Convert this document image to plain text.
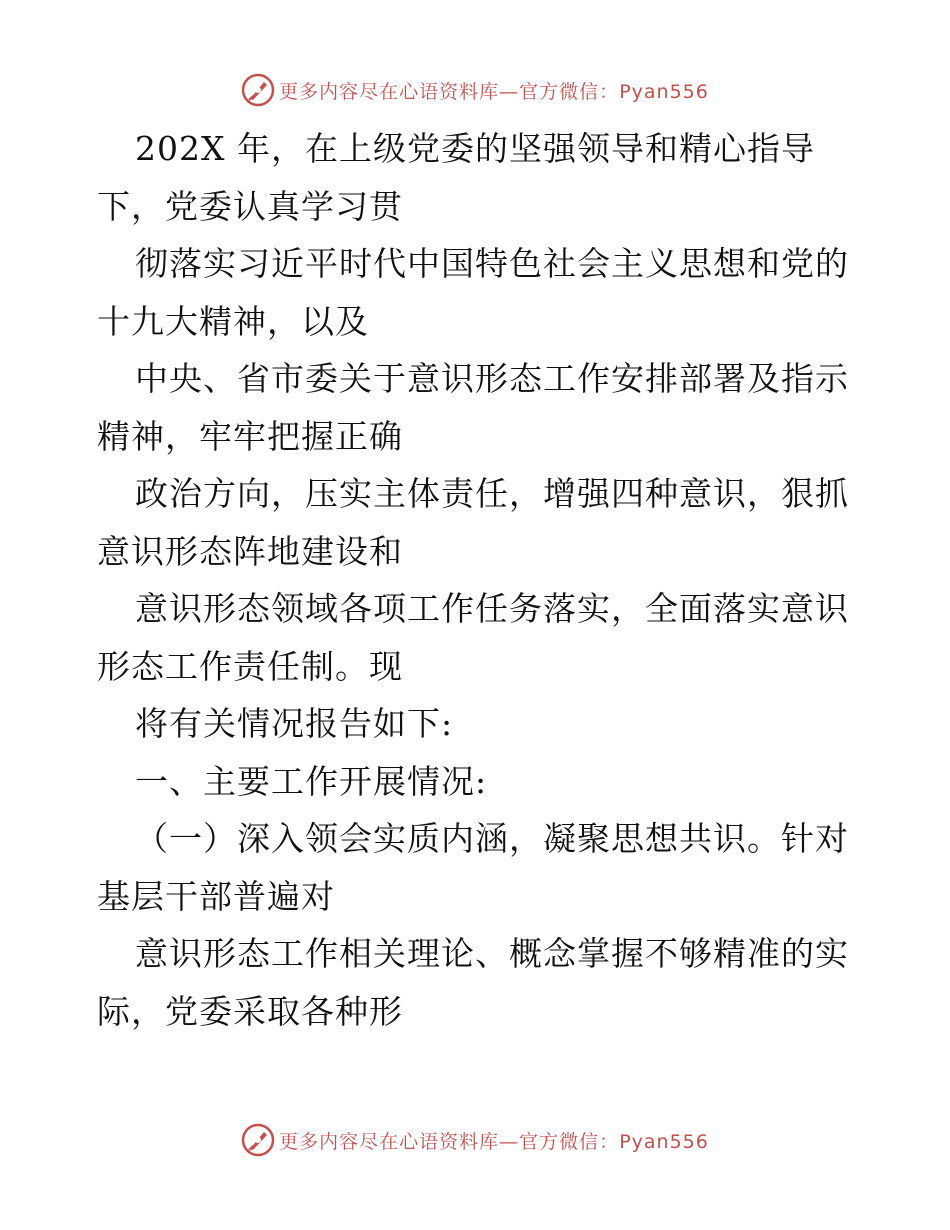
更多内容尽在心语资料库—官方微信：Pyan556
202X 年，在上级党委的坚强领导和精心指导
下，党委认真学习贯
彻落实习近平时代中国特色社会主义思想和党的
十九大精神，以及
中央、省市委关于意识形态工作安排部署及指示
精神，牢牢把握正确
政治方向，压实主体责任，增强四种意识，狠抓
意识形态阵地建设和
意识形态领域各项工作任务落实，全面落实意识
形态工作责任制。现
将有关情况报告如下:
一、主要工作开展情况:
（一）深入领会实质内涵，凝聚思想共识。针对
基层干部普遍对
意识形态工作相关理论、概念掌握不够精准的实
际，党委采取各种形
更多内容尽在心语资料库—官方微信：Pyan556
